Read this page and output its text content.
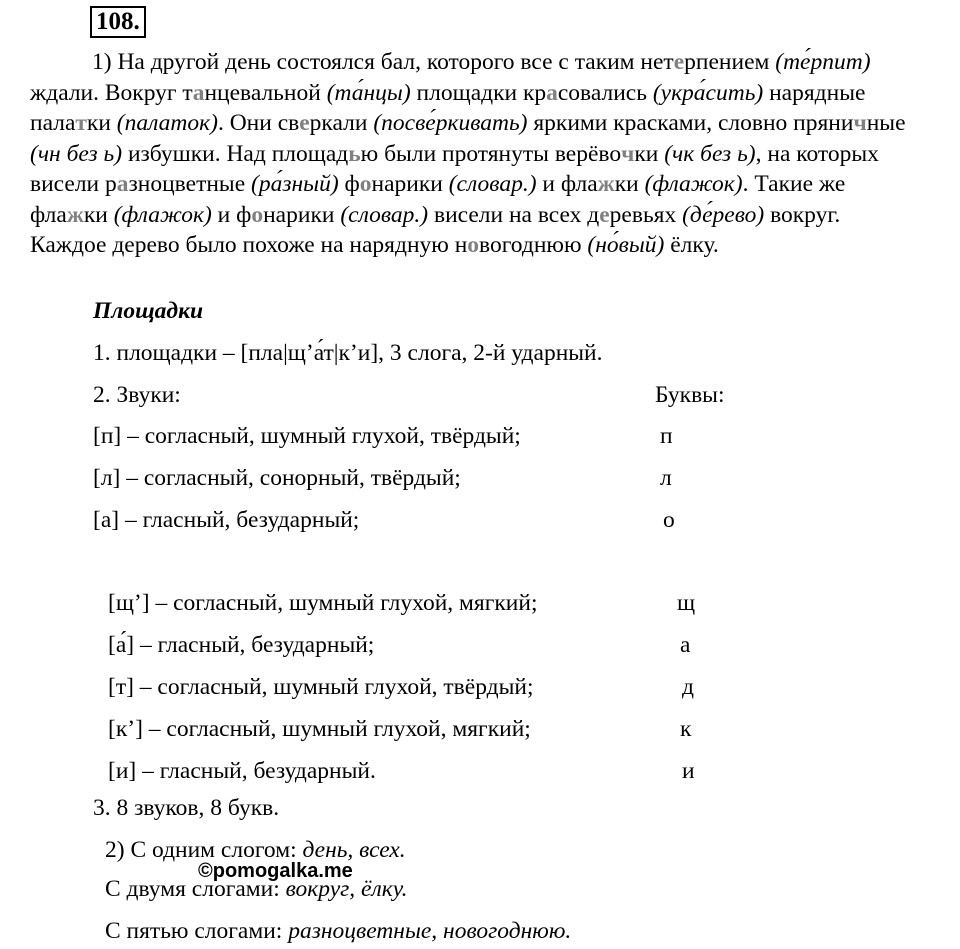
108.
1) На другой день состоялся бал, которого все с таким нетерпением (те́рпит) ждали. Вокруг танцевальной (та́нцы) площадки красовались (укра́сить) нарядные палатки (палаток). Они сверкали (посве́ркивать) яркими красками, словно пряничные (чн без ь) избушки. Над площадью были протянуты верёвочки (чк без ь), на которых висели разноцветные (ра́зный) фонарики (словар.) и флажки (флажок). Такие же флажки (флажок) и фонарики (словар.) висели на всех деревьях (де́рево) вокруг. Каждое дерево было похоже на нарядную новогоднюю (но́вый) ёлку.
Площадки
1. площадки – [пла|щ’а́т|к’и], 3 слога, 2-й ударный.
2. Звуки:	Буквы:
[п] – согласный, шумный глухой, твёрдый;	п
[л] – согласный, сонорный, твёрдый;	л
[а] – гласный, безударный;	о
[щ’] – согласный, шумный глухой, мягкий;	щ
[а́] – гласный, безударный;	а
[т] – согласный, шумный глухой, твёрдый;	д
[к’] – согласный, шумный глухой, мягкий;	к
[и] – гласный, безударный.	и
3. 8 звуков, 8 букв.
2) С одним слогом: день, всех.
©pomogalka.me
С двумя слогами: вокруг, ёлку.
С пятью слогами: разноцветные, новогоднюю.
